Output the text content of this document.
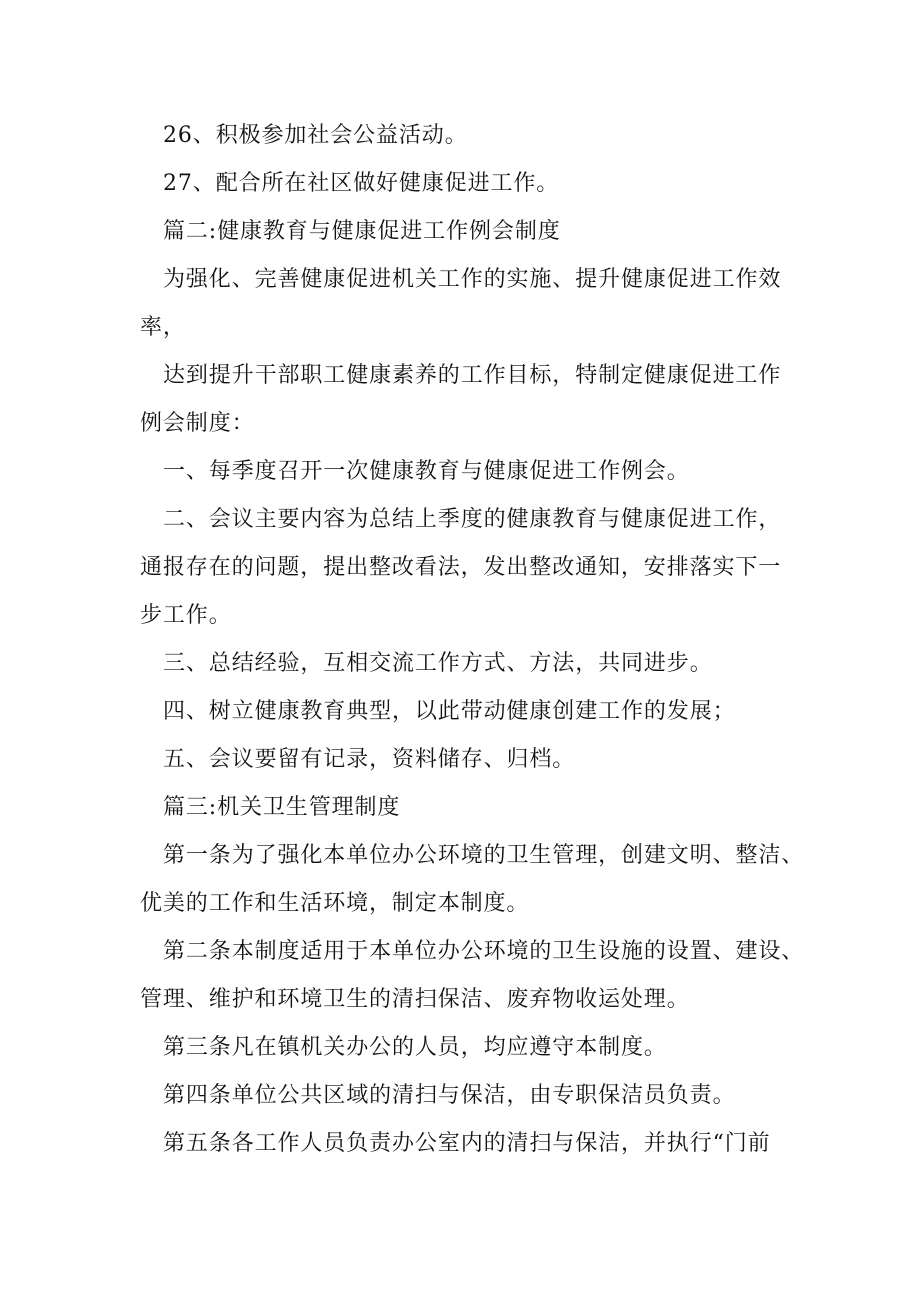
26、积极参加社会公益活动。
27、配合所在社区做好健康促进工作。
篇二:健康教育与健康促进工作例会制度
为强化、完善健康促进机关工作的实施、提升健康促进工作效
率，
达到提升干部职工健康素养的工作目标，特制定健康促进工作
例会制度：
一、每季度召开一次健康教育与健康促进工作例会。
二、会议主要内容为总结上季度的健康教育与健康促进工作，
通报存在的问题，提出整改看法，发出整改通知，安排落实下一
步工作。
三、总结经验，互相交流工作方式、方法，共同进步。
四、树立健康教育典型，以此带动健康创建工作的发展；
五、会议要留有记录，资料储存、归档。
篇三:机关卫生管理制度
第一条为了强化本单位办公环境的卫生管理，创建文明、整洁、
优美的工作和生活环境，制定本制度。
第二条本制度适用于本单位办公环境的卫生设施的设置、建设、
管理、维护和环境卫生的清扫保洁、废弃物收运处理。
第三条凡在镇机关办公的人员，均应遵守本制度。
第四条单位公共区域的清扫与保洁，由专职保洁员负责。
第五条各工作人员负责办公室内的清扫与保洁，并执行“门前
